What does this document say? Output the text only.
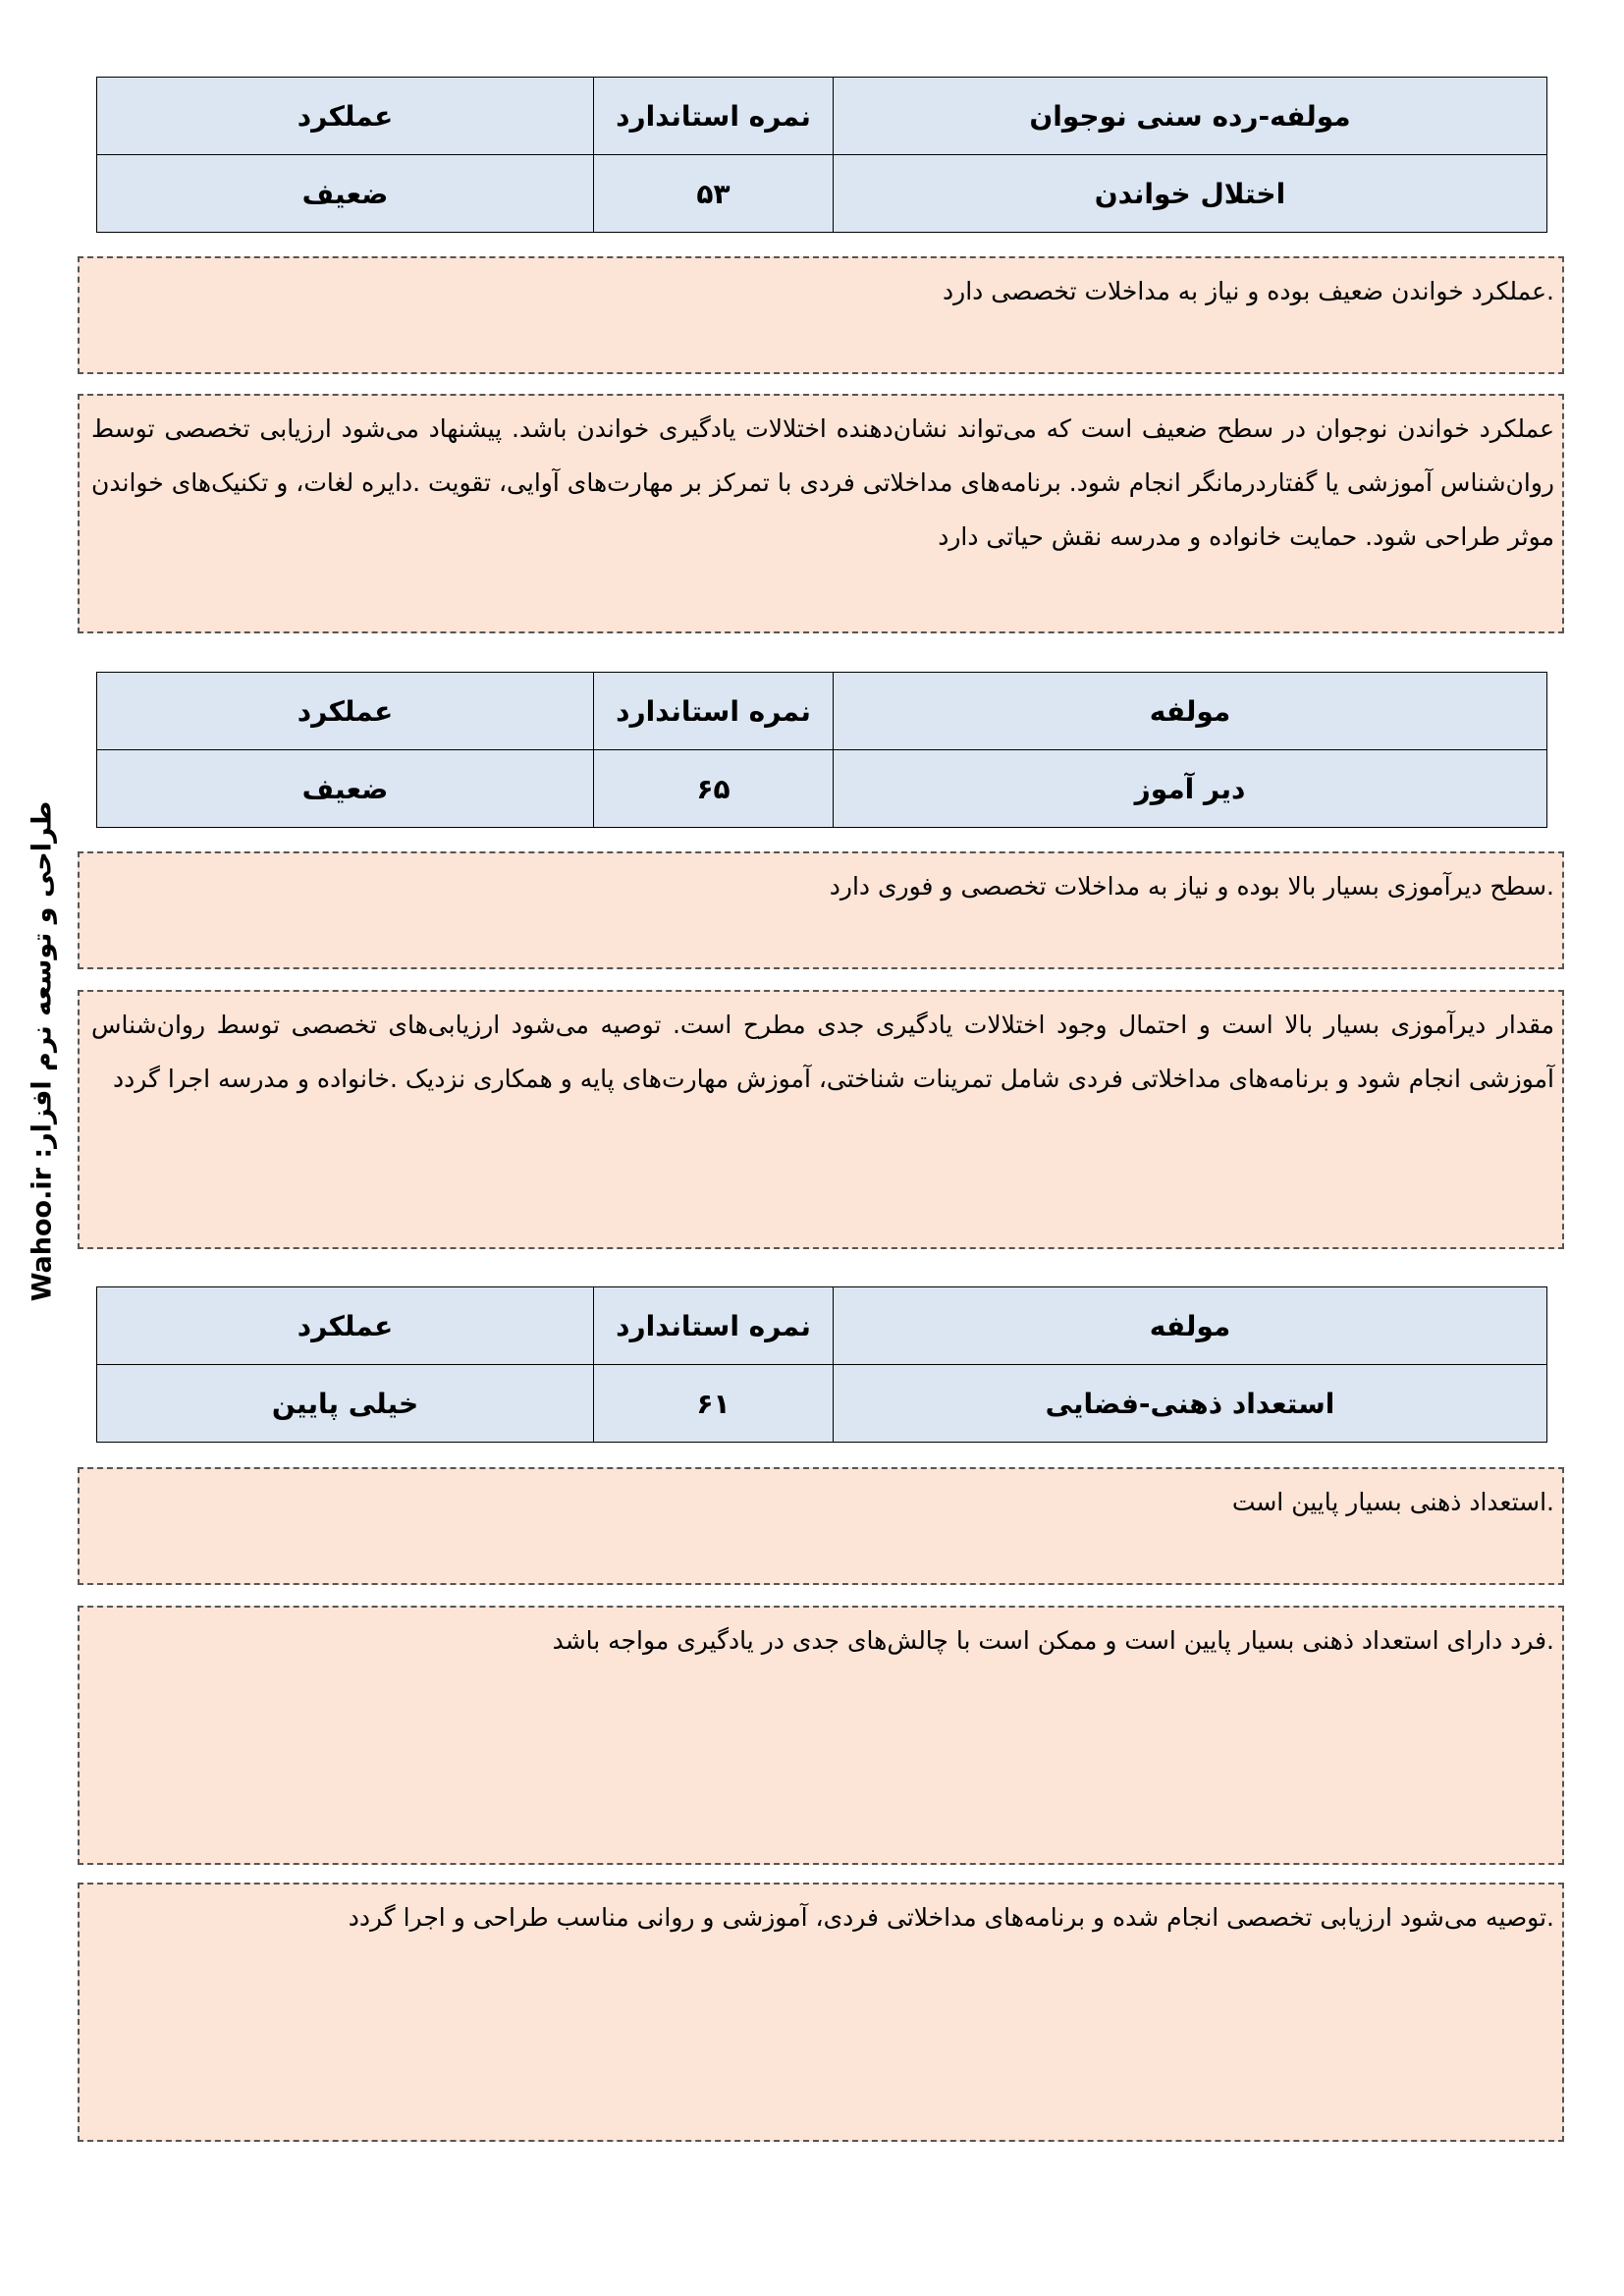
طراحی و توسعه نرم افزار: Wahoo.ir
مولفه-رده سنی نوجوان	نمره استاندارد	عملکرد
اختلال خواندن	۵۳	ضعیف
.عملکرد خواندن ضعیف بوده و نیاز به مداخلات تخصصی دارد
عملکرد خواندن نوجوان در سطح ضعیف است که می‌تواند نشان‌دهنده اختلالات یادگیری خواندن باشد. پیشنهاد می‌شود ارزیابی تخصصی توسط روان‌شناس آموزشی یا گفتاردرمانگر انجام شود. برنامه‌های مداخلاتی فردی با تمرکز بر مهارت‌های آوایی، تقویت .دایره لغات، و تکنیک‌های خواندن موثر طراحی شود. حمایت خانواده و مدرسه نقش حیاتی دارد
مولفه	نمره استاندارد	عملکرد
دیر آموز	۶۵	ضعیف
.سطح دیرآموزی بسیار بالا بوده و نیاز به مداخلات تخصصی و فوری دارد
مقدار دیرآموزی بسیار بالا است و احتمال وجود اختلالات یادگیری جدی مطرح است. توصیه می‌شود ارزیابی‌های تخصصی توسط روان‌شناس آموزشی انجام شود و برنامه‌های مداخلاتی فردی شامل تمرینات شناختی، آموزش مهارت‌های پایه و همکاری نزدیک .خانواده و مدرسه اجرا گردد
مولفه	نمره استاندارد	عملکرد
استعداد ذهنی-فضایی	۶۱	خیلی پایین
.استعداد ذهنی بسیار پایین است
.فرد دارای استعداد ذهنی بسیار پایین است و ممکن است با چالش‌های جدی در یادگیری مواجه باشد
.توصیه می‌شود ارزیابی تخصصی انجام شده و برنامه‌های مداخلاتی فردی، آموزشی و روانی مناسب طراحی و اجرا گردد
